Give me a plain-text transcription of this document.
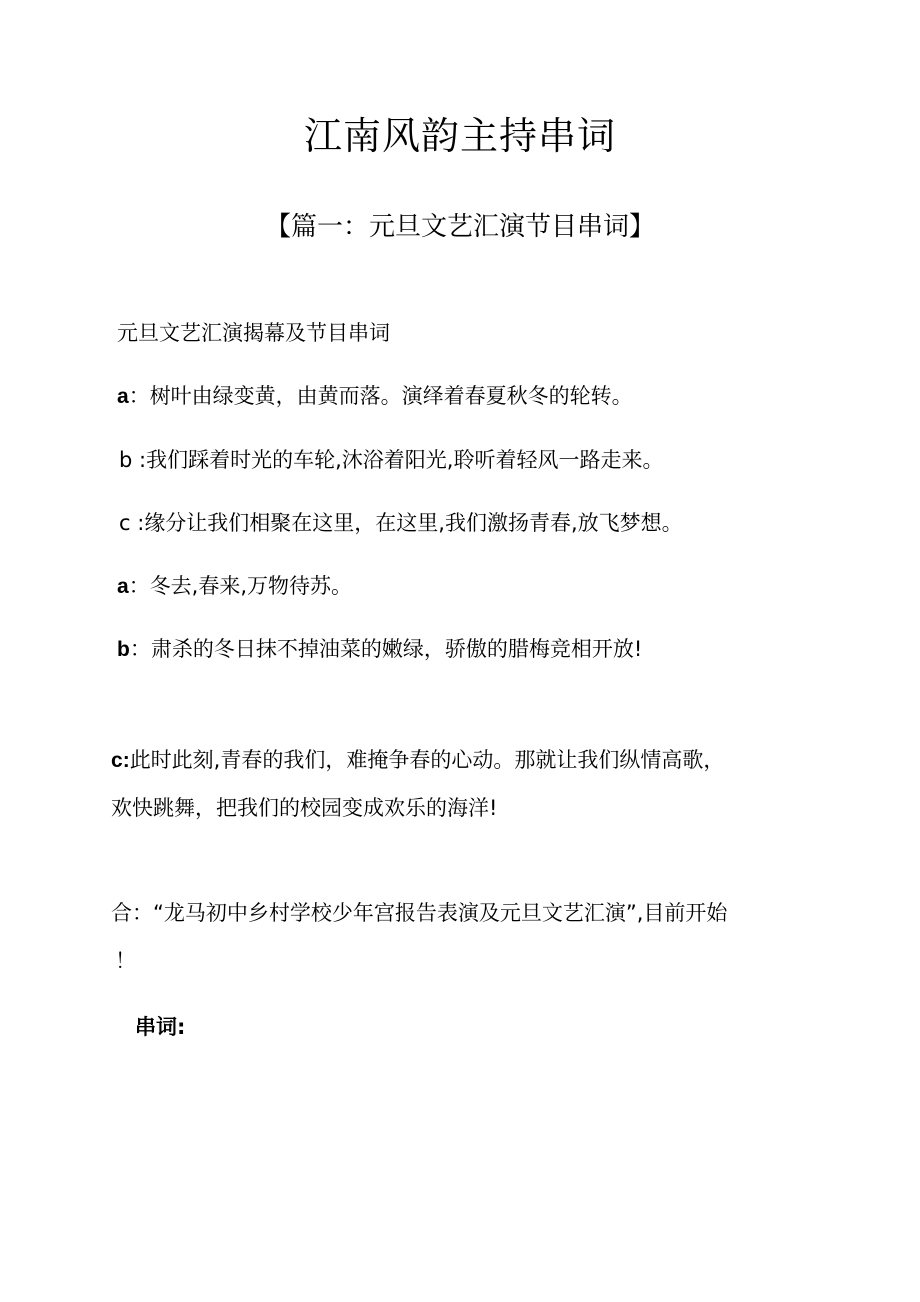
江南风韵主持串词
【篇一：元旦文艺汇演节目串词】

元旦文艺汇演揭幕及节目串词

a：树叶由绿变黄，由黄而落。演绎着春夏秋冬的轮转。

b :我们踩着时光的车轮,沐浴着阳光,聆听着轻风一路走来。

c :缘分让我们相聚在这里，在这里,我们激扬青春,放飞梦想。

a：冬去,春来,万物待苏。

b：肃杀的冬日抹不掉油菜的嫩绿，骄傲的腊梅竞相开放!

c:此时此刻,青春的我们，难掩争春的心动。那就让我们纵情高歌，

欢快跳舞，把我们的校园变成欢乐的海洋!

合：“龙马初中乡村学校少年宫报告表演及元旦文艺汇演”,目前开始

！

串词:
